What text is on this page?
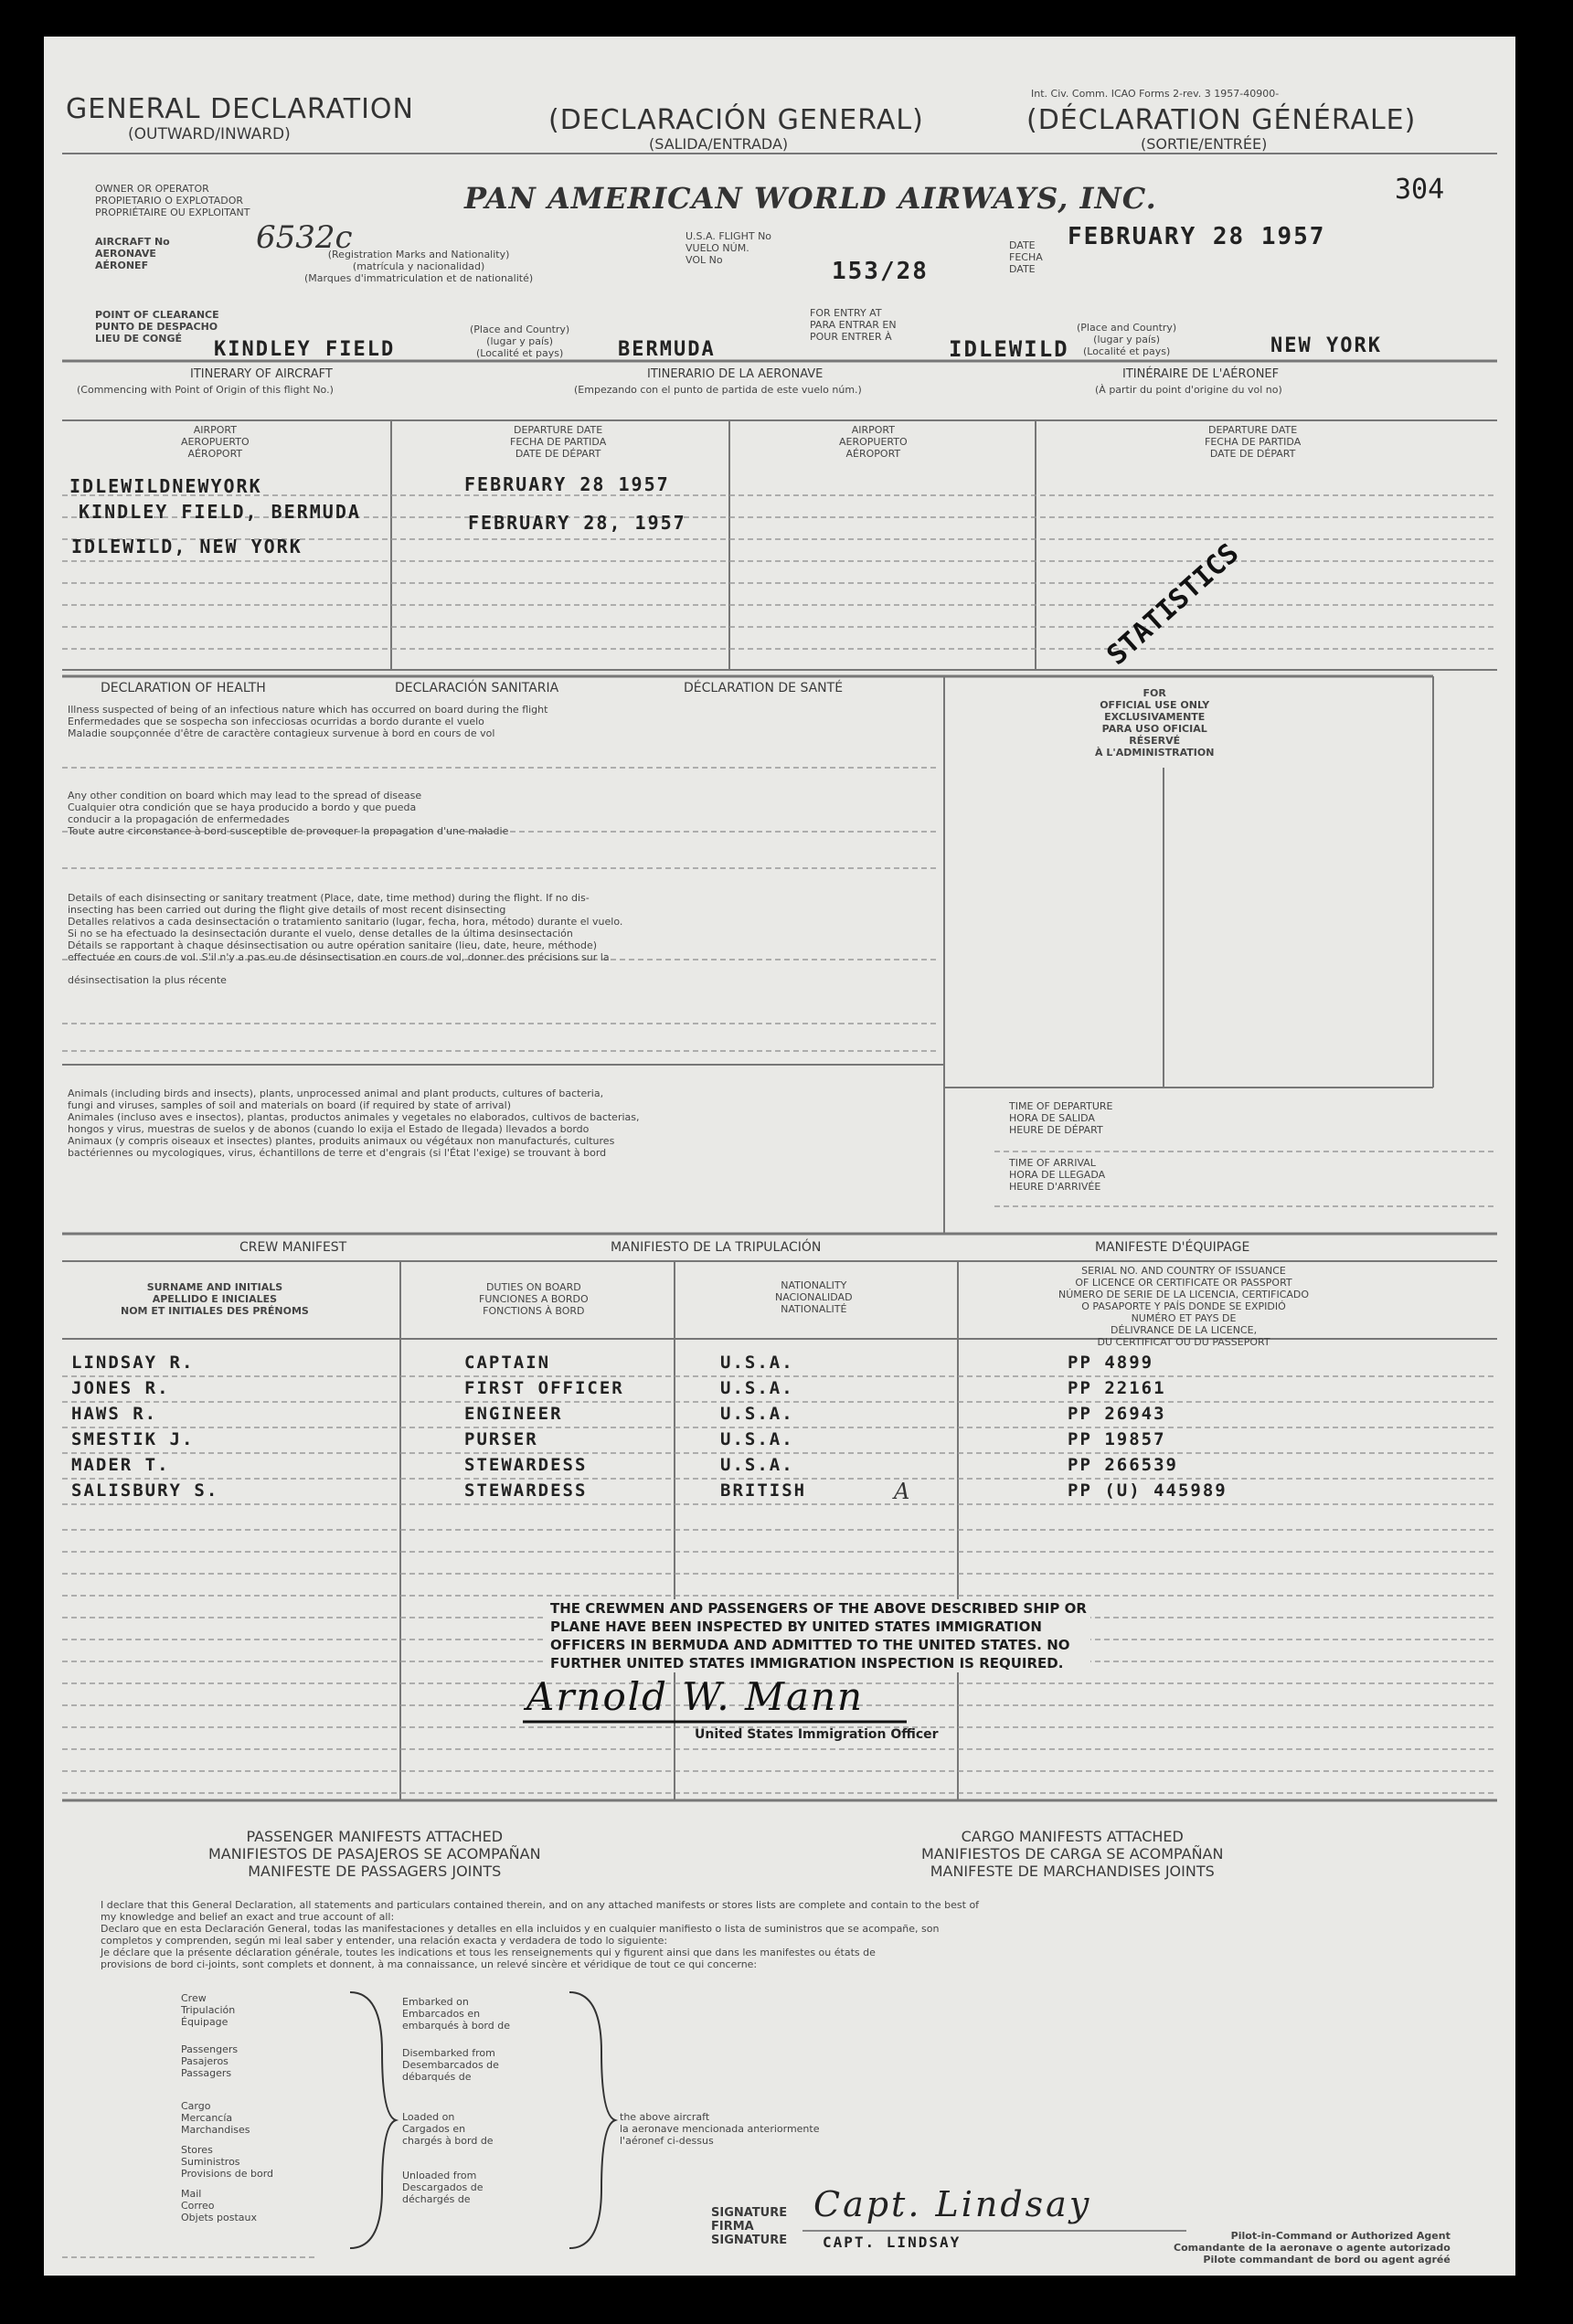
Int. Civ. Comm. ICAO Forms 2-rev. 3 1957-40900-
GENERAL DECLARATION
(OUTWARD/INWARD)	(DECLARACIÓN GENERAL)
(SALIDA/ENTRADA)
(DÉCLARATION GÉNÉRALE)
(SORTIE/ENTRÉE)
304
OWNER OR OPERATOR
PROPIETARIO O EXPLOTADOR
PROPRIÉTAIRE OU EXPLOITANT	PAN AMERICAN WORLD AIRWAYS, INC.
AIRCRAFT No
AERONAVE
AÉRONEF
6532c
(Registration Marks and Nationality)
(matrícula y nacionalidad)
(Marques d'immatriculation et de nationalité)
U.S.A. FLIGHT No
VUELO NÚM.
VOL No	153/28
DATE
FECHA
DATE
FEBRUARY 28 1957
POINT OF CLEARANCE
PUNTO DE DESPACHO
LIEU DE CONGÉ	KINDLEY FIELD
(Place and Country)
(lugar y país)
(Localité et pays)	BERMUDA
FOR ENTRY AT
PARA ENTRAR EN
POUR ENTRER À	IDLEWILD
(Place and Country)
(lugar y país)
(Localité et pays)	NEW YORK
ITINERARY OF AIRCRAFT	ITINERARIO DE LA AERONAVE	ITINÉRAIRE DE L'AÉRONEF
(Commencing with Point of Origin of this flight No.)	(Empezando con el punto de partida de este vuelo núm.)	(À partir du point d'origine du vol no)
AIRPORT
AEROPUERTO
AÉROPORT
DEPARTURE DATE
FECHA DE PARTIDA
DATE DE DÉPART
AIRPORT
AEROPUERTO
AÉROPORT
DEPARTURE DATE
FECHA DE PARTIDA
DATE DE DÉPART
IDLEWILDNEWYORK	FEBRUARY 28 1957
KINDLEY FIELD, BERMUDA	FEBRUARY 28, 1957
IDLEWILD, NEW YORK	STATISTICS
DECLARATION OF HEALTH	DECLARACIÓN SANITARIA	DÉCLARATION DE SANTÉ
Illness suspected of being of an infectious nature which has occurred on board during the flight
Enfermedades que se sospecha son infecciosas ocurridas a bordo durante el vuelo
Maladie soupçonnée d'être de caractère contagieux survenue à bord en cours de vol
Any other condition on board which may lead to the spread of disease
Cualquier otra condición que se haya producido a bordo y que pueda
conducir a la propagación de enfermedades
Toute autre circonstance à bord susceptible de provoquer la propagation d'une maladie
Details of each disinsecting or sanitary treatment (Place, date, time method) during the flight. If no dis-
insecting has been carried out during the flight give details of most recent disinsecting
Detalles relativos a cada desinsectación o tratamiento sanitario (lugar, fecha, hora, método) durante el vuelo.
Si no se ha efectuado la desinsectación durante el vuelo, dense detalles de la última desinsectación
Détails se rapportant à chaque désinsectisation ou autre opération sanitaire (lieu, date, heure, méthode)
effectuée en cours de vol. S'il n'y a pas eu de désinsectisation en cours de vol, donner des précisions sur la
désinsectisation la plus récente
FOR
OFFICIAL USE ONLY
EXCLUSIVAMENTE
PARA USO OFICIAL
RÉSERVÉ
À L'ADMINISTRATION
Animals (including birds and insects), plants, unprocessed animal and plant products, cultures of bacteria,
fungi and viruses, samples of soil and materials on board (if required by state of arrival)
Animales (incluso aves e insectos), plantas, productos animales y vegetales no elaborados, cultivos de bacterias,
hongos y virus, muestras de suelos y de abonos (cuando lo exija el Estado de llegada) llevados a bordo
Animaux (y compris oiseaux et insectes) plantes, produits animaux ou végétaux non manufacturés, cultures
bactériennes ou mycologiques, virus, échantillons de terre et d'engrais (si l'État l'exige) se trouvant à bord
TIME OF DEPARTURE
HORA DE SALIDA
HEURE DE DÉPART
TIME OF ARRIVAL
HORA DE LLEGADA
HEURE D'ARRIVÉE
CREW MANIFEST	MANIFIESTO DE LA TRIPULACIÓN	MANIFESTE D'ÉQUIPAGE
SURNAME AND INITIALS
APELLIDO E INICIALES
NOM ET INITIALES DES PRÉNOMS
DUTIES ON BOARD
FUNCIONES A BORDO
FONCTIONS À BORD
NATIONALITY
NACIONALIDAD
NATIONALITÉ
SERIAL NO. AND COUNTRY OF ISSUANCE
OF LICENCE OR CERTIFICATE OR PASSPORT
NÚMERO DE SERIE DE LA LICENCIA, CERTIFICADO
O PASAPORTE Y PAÍS DONDE SE EXPIDIÓ
NUMÉRO ET PAYS DE
DÉLIVRANCE DE LA LICENCE,
DU CERTIFICAT OU DU PASSEPORT
LINDSAY R.	CAPTAIN	U.S.A.	PP 4899
JONES R.	FIRST OFFICER	U.S.A.	PP 22161
HAWS R.	ENGINEER	U.S.A.	PP 26943
SMESTIK J.	PURSER	U.S.A.	PP 19857
MADER T.	STEWARDESS	U.S.A.	PP 266539
SALISBURY S.	STEWARDESS	BRITISH	PP (U) 445989
A
THE CREWMEN AND PASSENGERS OF THE ABOVE DESCRIBED SHIP OR
PLANE HAVE BEEN INSPECTED BY UNITED STATES IMMIGRATION
OFFICERS IN BERMUDA AND ADMITTED TO THE UNITED STATES. NO
FURTHER UNITED STATES IMMIGRATION INSPECTION IS REQUIRED.
Arnold W. Mann
United States Immigration Officer
PASSENGER MANIFESTS ATTACHED
MANIFIESTOS DE PASAJEROS SE ACOMPAÑAN
MANIFESTE DE PASSAGERS JOINTS
CARGO MANIFESTS ATTACHED
MANIFIESTOS DE CARGA SE ACOMPAÑAN
MANIFESTE DE MARCHANDISES JOINTS
I declare that this General Declaration, all statements and particulars contained therein, and on any attached manifests or stores lists are complete and contain to the best of
my knowledge and belief an exact and true account of all:
Declaro que en esta Declaración General, todas las manifestaciones y detalles en ella incluidos y en cualquier manifiesto o lista de suministros que se acompañe, son
completos y comprenden, según mi leal saber y entender, una relación exacta y verdadera de todo lo siguiente:
Je déclare que la présente déclaration générale, toutes les indications et tous les renseignements qui y figurent ainsi que dans les manifestes ou états de
provisions de bord ci-joints, sont complets et donnent, à ma connaissance, un relevé sincère et véridique de tout ce qui concerne:
Crew
Tripulación
Équipage
Passengers
Pasajeros
Passagers
Cargo
Mercancía
Marchandises
Stores
Suministros
Provisions de bord
Mail
Correo
Objets postaux
Embarked on
Embarcados en
embarqués à bord de
Disembarked from
Desembarcados de
débarqués de
Loaded on
Cargados en
chargés à bord de
Unloaded from
Descargados de
déchargés de
the above aircraft
la aeronave mencionada anteriormente
l'aéronef ci-dessus
SIGNATURE
FIRMA
SIGNATURE
Capt. Lindsay
CAPT. LINDSAY	Pilot-in-Command or Authorized Agent
Comandante de la aeronave o agente autorizado
Pilote commandant de bord ou agent agréé
